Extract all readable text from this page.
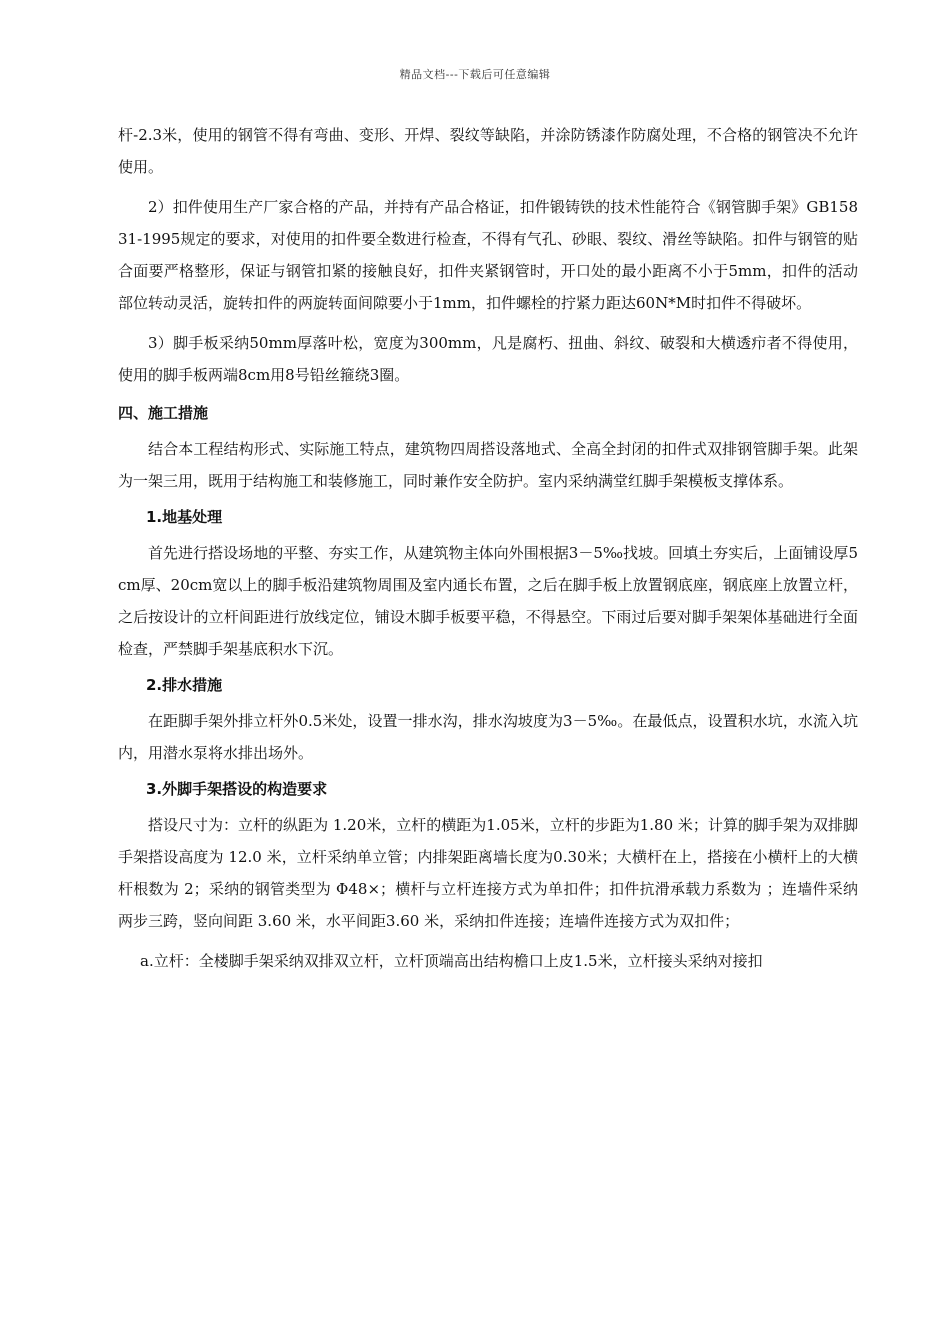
精品文档---下载后可任意编辑

杆-2.3米，使用的钢管不得有弯曲、变形、开焊、裂纹等缺陷，并涂防锈漆作防腐处理，不合格的钢管决不允许使用。

2）扣件使用生产厂家合格的产品，并持有产品合格证，扣件锻铸铁的技术性能符合《钢管脚手架》GB15831-1995规定的要求，对使用的扣件要全数进行检查，不得有气孔、砂眼、裂纹、滑丝等缺陷。扣件与钢管的贴合面要严格整形，保证与钢管扣紧的接触良好，扣件夹紧钢管时，开口处的最小距离不小于5mm，扣件的活动部位转动灵活，旋转扣件的两旋转面间隙要小于1mm，扣件螺栓的拧紧力距达60N*M时扣件不得破坏。

3）脚手板采纳50mm厚落叶松，宽度为300mm，凡是腐朽、扭曲、斜纹、破裂和大横透疖者不得使用，使用的脚手板两端8cm用8号铅丝箍绕3圈。

四、施工措施

结合本工程结构形式、实际施工特点，建筑物四周搭设落地式、全高全封闭的扣件式双排钢管脚手架。此架为一架三用，既用于结构施工和装修施工，同时兼作安全防护。室内采纳满堂红脚手架模板支撑体系。

1.地基处理

首先进行搭设场地的平整、夯实工作，从建筑物主体向外围根据3－5‰找坡。回填土夯实后，上面铺设厚5cm厚、20cm宽以上的脚手板沿建筑物周围及室内通长布置，之后在脚手板上放置钢底座，钢底座上放置立杆，之后按设计的立杆间距进行放线定位，铺设木脚手板要平稳，不得悬空。下雨过后要对脚手架架体基础进行全面检查，严禁脚手架基底积水下沉。

2.排水措施

在距脚手架外排立杆外0.5米处，设置一排水沟，排水沟坡度为3－5‰。在最低点，设置积水坑，水流入坑内，用潜水泵将水排出场外。

3.外脚手架搭设的构造要求

搭设尺寸为：立杆的纵距为 1.20米，立杆的横距为1.05米，立杆的步距为1.80 米；计算的脚手架为双排脚手架搭设高度为 12.0 米，立杆采纳单立管；内排架距离墙长度为0.30米；大横杆在上，搭接在小横杆上的大横杆根数为 2；采纳的钢管类型为 Φ48×；横杆与立杆连接方式为单扣件；扣件抗滑承载力系数为 ；连墙件采纳两步三跨，竖向间距 3.60 米，水平间距3.60 米，采纳扣件连接；连墙件连接方式为双扣件；

a.立杆：全楼脚手架采纳双排双立杆，立杆顶端高出结构檐口上皮1.5米，立杆接头采纳对接扣
